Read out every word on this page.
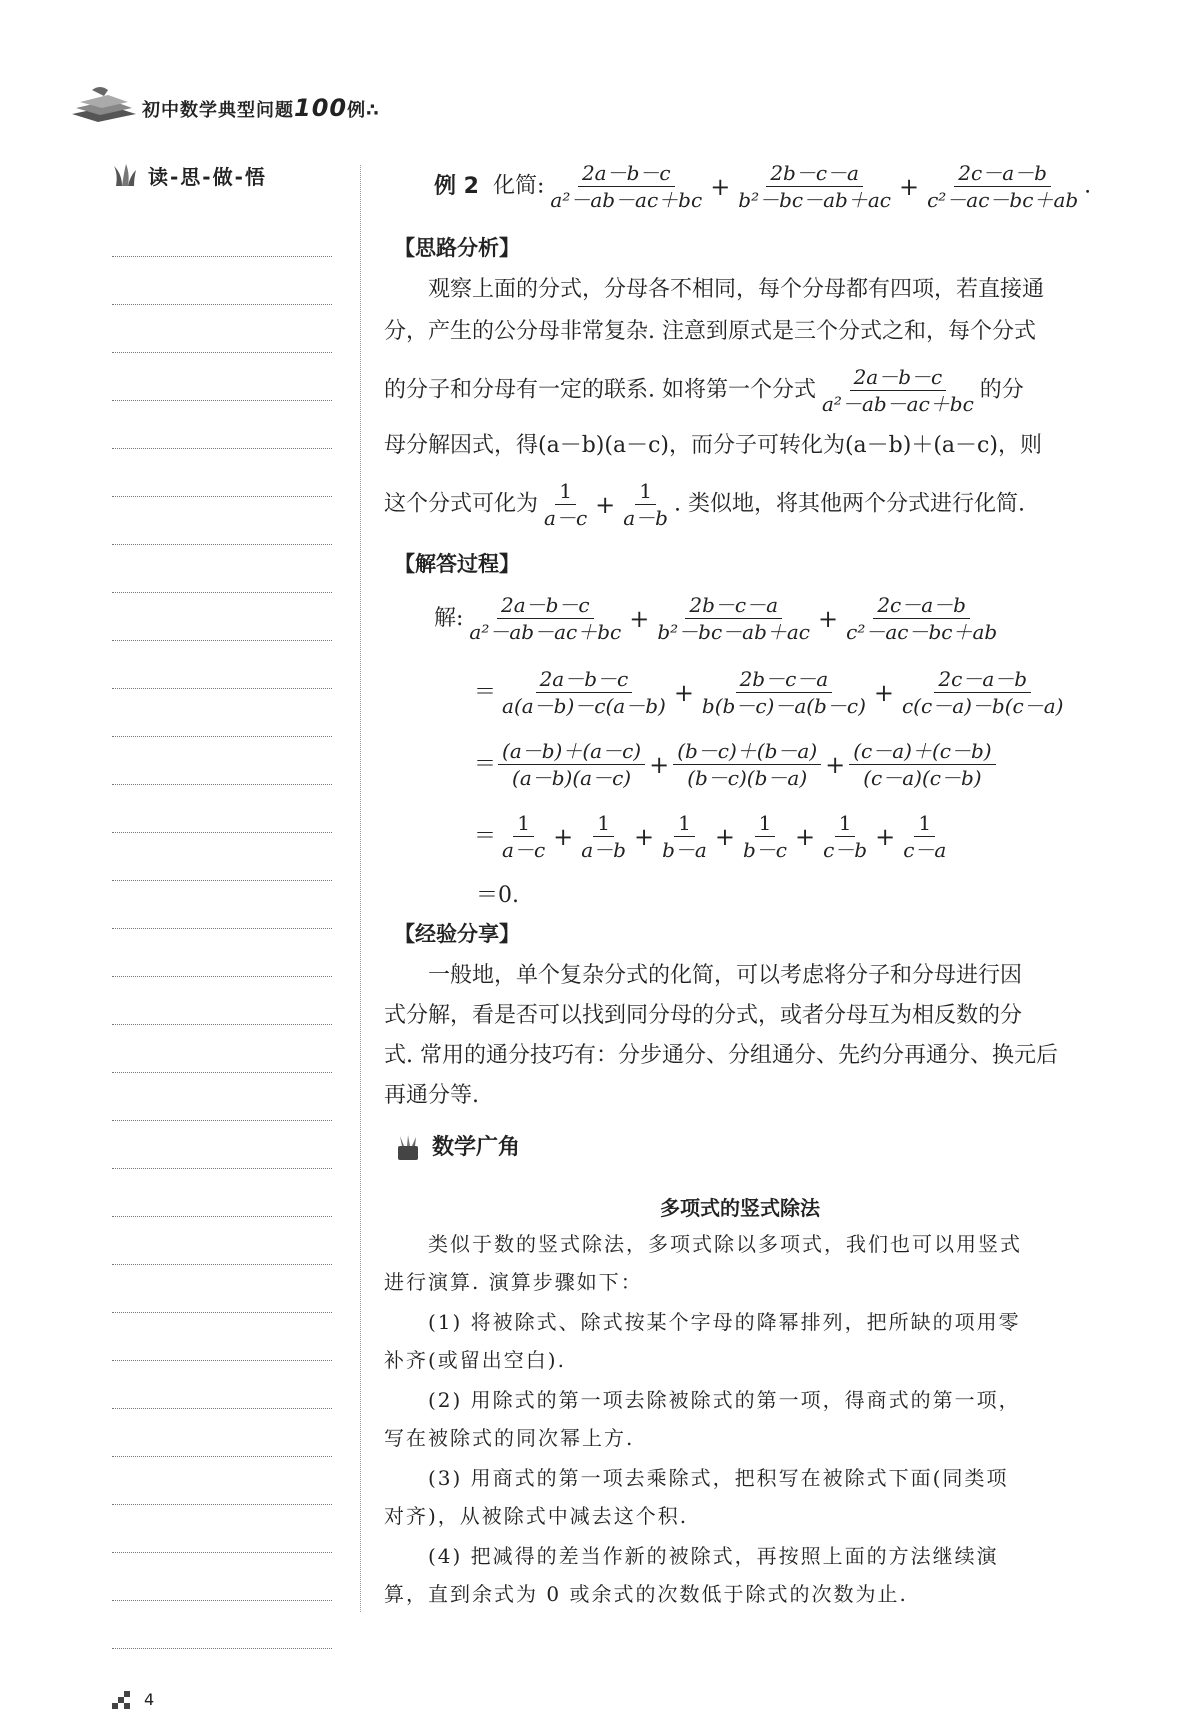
初中数学典型问题100例∴
读-思-做-悟	例 2 化简: $\frac{2a-b-c}{\text{a²－ab－ac＋bc}} + \frac{2b-c-a}{\text{b²－bc－ab＋ac}} + \frac{2c-a-b}{\text{c²－ac－bc＋ab}}$ .
【思路分析】
　　观察上面的分式，分母各不相同，每个分母都有四项，若直接通
分，产生的公分母非常复杂. 注意到原式是三个分式之和，每个分式
的分子和分母有一定的联系. 如将第一个分式 $\frac{2a-b-c}{\text{a²－ab－ac＋bc}}$ 的分
母分解因式，得(a－b)(a－c)，而分子可转化为(a－b)＋(a－c)，则
这个分式可化为 $\frac{1}{a-c} + \frac{1}{a-b}$ . 类似地，将其他两个分式进行化简.
【解答过程】
解: $\frac{2a-b-c}{\text{a²－ab－ac＋bc}} + \frac{2b-c-a}{\text{b²－bc－ab＋ac}} + \frac{2c-a-b}{\text{c²－ac－bc＋ab}}$
＝ $\frac{2a-b-c}{a(a-b)-c(a-b)} + \frac{2b-c-a}{b(b-c)-a(b-c)} + \frac{2c-a-b}{c(c-a)-b(c-a)}$
＝ $\frac{(a-b)+(a-c)}{(a-b)(a-c)} + \frac{(b-c)+(b-a)}{(b-c)(b-a)} + \frac{(c-a)+(c-b)}{(c-a)(c-b)}$
＝ $\frac{1}{a-c} + \frac{1}{a-b} + \frac{1}{b-a} + \frac{1}{b-c} + \frac{1}{c-b} + \frac{1}{c-a}$
＝0.
【经验分享】
　　一般地，单个复杂分式的化简，可以考虑将分子和分母进行因
式分解，看是否可以找到同分母的分式，或者分母互为相反数的分
式. 常用的通分技巧有：分步通分、分组通分、先约分再通分、换元后
再通分等.
数学广角
多项式的竖式除法
　　类似于数的竖式除法，多项式除以多项式，我们也可以用竖式
进行演算. 演算步骤如下：
　　(1) 将被除式、除式按某个字母的降幂排列，把所缺的项用零
补齐(或留出空白).
　　(2) 用除式的第一项去除被除式的第一项，得商式的第一项，
写在被除式的同次幂上方.
　　(3) 用商式的第一项去乘除式，把积写在被除式下面(同类项
对齐)，从被除式中减去这个积.
　　(4) 把减得的差当作新的被除式，再按照上面的方法继续演
算，直到余式为 0 或余式的次数低于除式的次数为止.
4
